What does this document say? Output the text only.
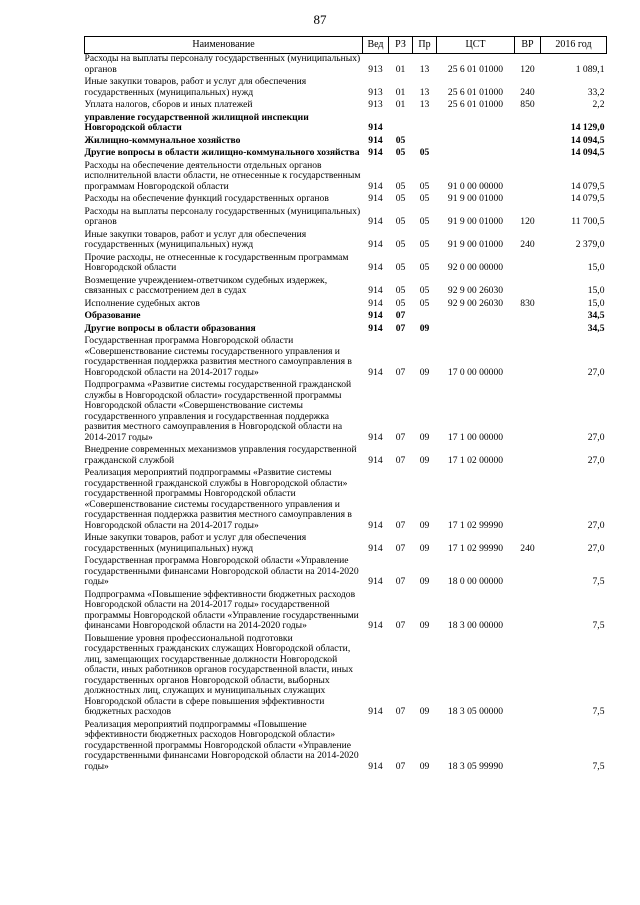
87
Наименование	Вед	РЗ	Пр	ЦСТ	ВР	2016 год
Расходы на выплаты персоналу государственных (муниципальных) органов	913	01	13	25 6 01 01000	120	1 089,1
Иные закупки товаров, работ и услуг для обеспечения государственных (муниципальных) нужд	913	01	13	25 6 01 01000	240	33,2
Уплата налогов, сборов и иных платежей	913	01	13	25 6 01 01000	850	2,2
управление государственной жилищной инспекции Новгородской области	914					14 129,0
Жилищно-коммунальное хозяйство	914	05				14 094,5
Другие вопросы в области жилищно-коммунального хозяйства	914	05	05			14 094,5
Расходы на обеспечение деятельности отдельных органов исполнительной власти области, не отнесенные к государственным программам Новгородской области	914	05	05	91 0 00 00000		14 079,5
Расходы на обеспечение функций государственных органов	914	05	05	91 9 00 01000		14 079,5
Расходы на выплаты персоналу государственных (муниципальных) органов	914	05	05	91 9 00 01000	120	11 700,5
Иные закупки товаров, работ и услуг для обеспечения государственных (муниципальных) нужд	914	05	05	91 9 00 01000	240	2 379,0
Прочие расходы, не отнесенные к государственным программам Новгородской области	914	05	05	92 0 00 00000		15,0
Возмещение учреждением-ответчиком судебных издержек, связанных с рассмотрением дел в судах	914	05	05	92 9 00 26030		15,0
Исполнение судебных актов	914	05	05	92 9 00 26030	830	15,0
Образование	914	07				34,5
Другие вопросы в области образования	914	07	09			34,5
Государственная программа Новгородской области «Совершенствование системы государственного управления и государственная поддержка развития местного самоуправления в Новгородской области на 2014-2017 годы»	914	07	09	17 0 00 00000		27,0
Подпрограмма «Развитие системы государственной гражданской службы в Новгородской области» государственной программы Новгородской области «Совершенствование системы государственного управления и государственная поддержка развития местного самоуправления в Новгородской области на 2014-2017 годы»	914	07	09	17 1 00 00000		27,0
Внедрение современных механизмов управления государственной гражданской службой	914	07	09	17 1 02 00000		27,0
Реализация мероприятий подпрограммы «Развитие системы государственной гражданской службы в Новгородской области» государственной программы Новгородской области «Совершенствование системы государственного управления и государственная поддержка развития местного самоуправления в Новгородской области на 2014-2017 годы»	914	07	09	17 1 02 99990		27,0
Иные закупки товаров, работ и услуг для обеспечения государственных (муниципальных) нужд	914	07	09	17 1 02 99990	240	27,0
Государственная программа Новгородской области «Управление государственными финансами Новгородской области на 2014-2020 годы»	914	07	09	18 0 00 00000		7,5
Подпрограмма «Повышение эффективности бюджетных расходов Новгородской области на 2014-2017 годы» государственной программы Новгородской области «Управление государственными финансами Новгородской области на 2014-2020 годы»	914	07	09	18 3 00 00000		7,5
Повышение уровня профессиональной подготовки государственных гражданских служащих Новгородской области, лиц, замещающих государственные должности Новгородской области, иных работников органов государственной власти, иных государственных органов Новгородской области, выборных должностных лиц, служащих и муниципальных служащих Новгородской области в сфере повышения эффективности бюджетных расходов	914	07	09	18 3 05 00000		7,5
Реализация мероприятий подпрограммы «Повышение эффективности бюджетных расходов Новгородской области» государственной программы Новгородской области «Управление государственными финансами Новгородской области на 2014-2020 годы»	914	07	09	18 3 05 99990		7,5
